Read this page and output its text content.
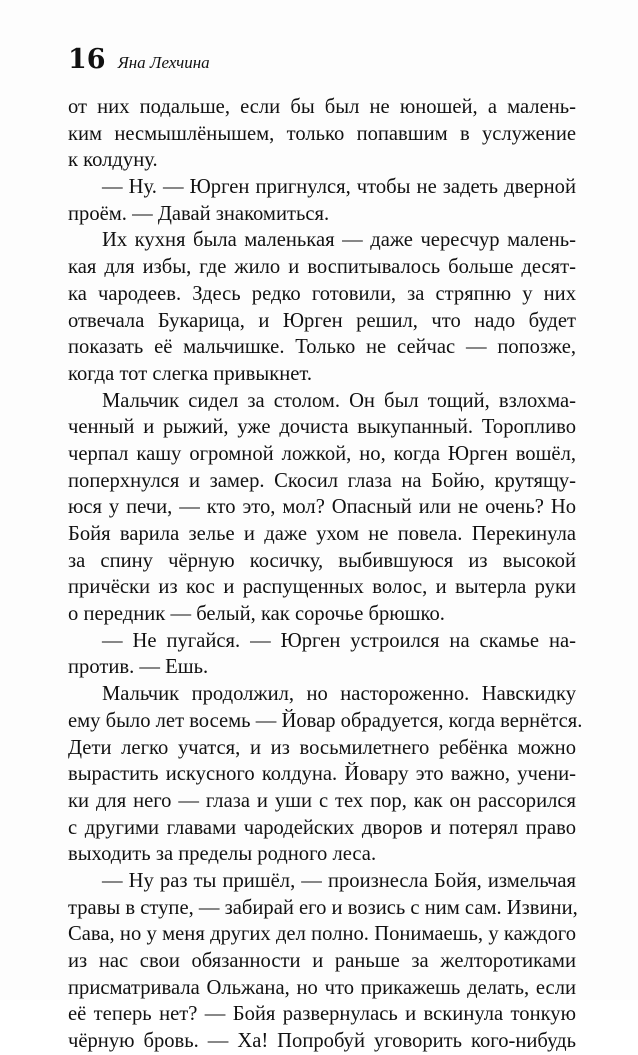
16 Яна Лехчина
от них подальше, если бы был не юношей, а малень-
ким несмышлёнышем, только попавшим в услужение
к колдуну.
— Ну. — Юрген пригнулся, чтобы не задеть дверной
проём. — Давай знакомиться.
Их кухня была маленькая — даже чересчур малень-
кая для избы, где жило и воспитывалось больше десят-
ка чародеев. Здесь редко готовили, за стряпню у них
отвечала Букарица, и Юрген решил, что надо будет
показать её мальчишке. Только не сейчас — попозже,
когда тот слегка привыкнет.
Мальчик сидел за столом. Он был тощий, взлохма-
ченный и рыжий, уже дочиста выкупанный. Торопливо
черпал кашу огромной ложкой, но, когда Юрген вошёл,
поперхнулся и замер. Скосил глаза на Бойю, крутящу-
юся у печи, — кто это, мол? Опасный или не очень? Но
Бойя варила зелье и даже ухом не повела. Перекинула
за спину чёрную косичку, выбившуюся из высокой
причёски из кос и распущенных волос, и вытерла руки
о передник — белый, как сорочье брюшко.
— Не пугайся. — Юрген устроился на скамье на-
против. — Ешь.
Мальчик продолжил, но настороженно. Навскидку
ему было лет восемь — Йовар обрадуется, когда вернётся.
Дети легко учатся, и из восьмилетнего ребёнка можно
вырастить искусного колдуна. Йовару это важно, учени-
ки для него — глаза и уши с тех пор, как он рассорился
с другими главами чародейских дворов и потерял право
выходить за пределы родного леса.
— Ну раз ты пришёл, — произнесла Бойя, измельчая
травы в ступе, — забирай его и возись с ним сам. Извини,
Сава, но у меня других дел полно. Понимаешь, у каждого
из нас свои обязанности и раньше за желторотиками
присматривала Ольжана, но что прикажешь делать, если
её теперь нет? — Бойя развернулась и вскинула тонкую
чёрную бровь. — Ха! Попробуй уговорить кого-нибудь
